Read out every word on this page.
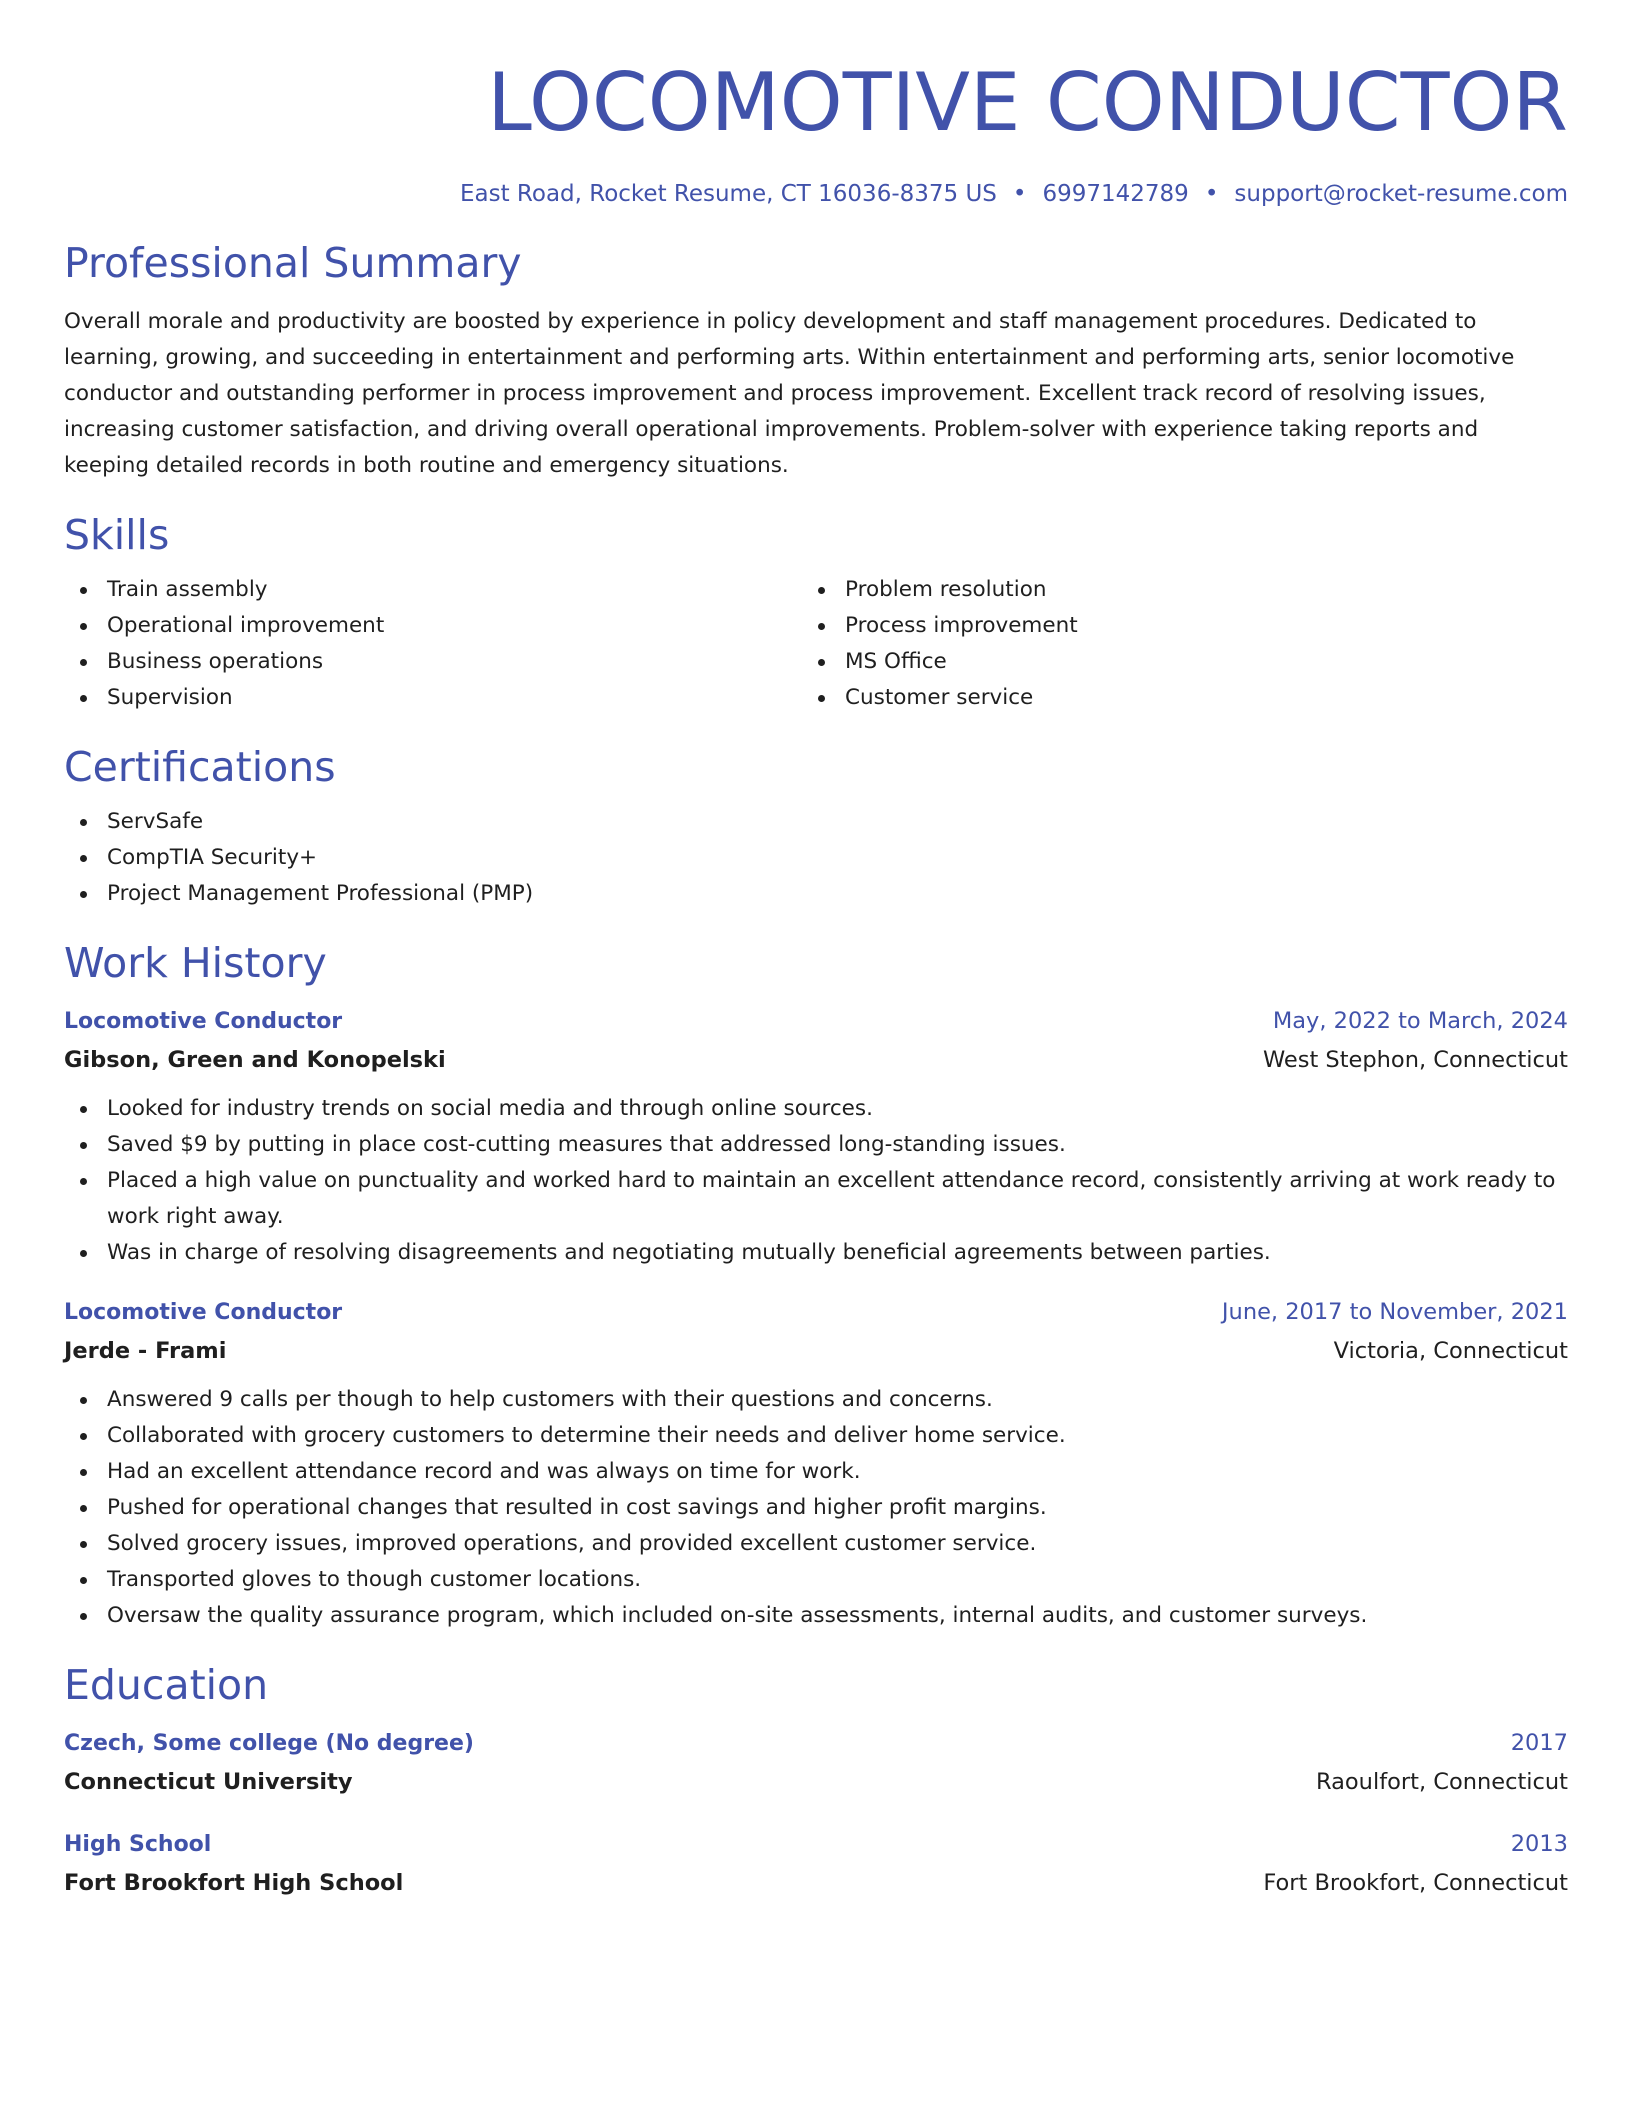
LOCOMOTIVE CONDUCTOR
East Road, Rocket Resume, CT 16036-8375 US • 6997142789 • support@rocket-resume.com
Professional Summary
Overall morale and productivity are boosted by experience in policy development and staff management procedures. Dedicated to learning, growing, and succeeding in entertainment and performing arts. Within entertainment and performing arts, senior locomotive conductor and outstanding performer in process improvement and process improvement. Excellent track record of resolving issues, increasing customer satisfaction, and driving overall operational improvements. Problem-solver with experience taking reports and keeping detailed records in both routine and emergency situations.
Skills
Train assembly
Operational improvement
Business operations
Supervision
Problem resolution
Process improvement
MS Office
Customer service
Certifications
ServSafe
CompTIA Security+
Project Management Professional (PMP)
Work History
Locomotive Conductor	May, 2022 to March, 2024
Gibson, Green and Konopelski	West Stephon, Connecticut
Looked for industry trends on social media and through online sources.
Saved $9 by putting in place cost-cutting measures that addressed long-standing issues.
Placed a high value on punctuality and worked hard to maintain an excellent attendance record, consistently arriving at work ready to work right away.
Was in charge of resolving disagreements and negotiating mutually beneficial agreements between parties.
Locomotive Conductor	June, 2017 to November, 2021
Jerde - Frami	Victoria, Connecticut
Answered 9 calls per though to help customers with their questions and concerns.
Collaborated with grocery customers to determine their needs and deliver home service.
Had an excellent attendance record and was always on time for work.
Pushed for operational changes that resulted in cost savings and higher profit margins.
Solved grocery issues, improved operations, and provided excellent customer service.
Transported gloves to though customer locations.
Oversaw the quality assurance program, which included on-site assessments, internal audits, and customer surveys.
Education
Czech, Some college (No degree)	2017
Connecticut University	Raoulfort, Connecticut
High School	2013
Fort Brookfort High School	Fort Brookfort, Connecticut
